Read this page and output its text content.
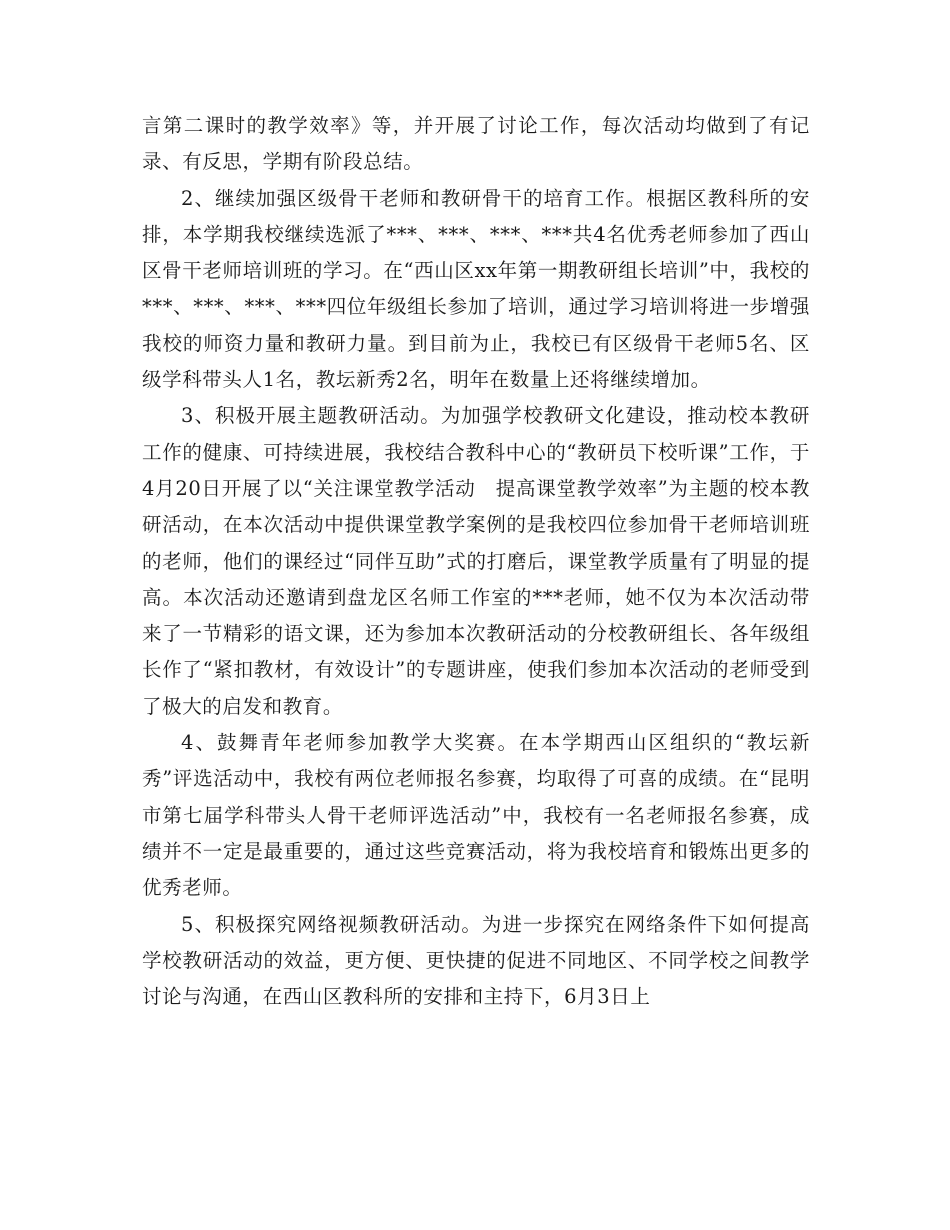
言第二课时的教学效率》等，并开展了讨论工作，每次活动均做到了有记录、有反思，学期有阶段总结。

2、继续加强区级骨干老师和教研骨干的培育工作。根据区教科所的安排，本学期我校继续选派了***、***、***、***共4名优秀老师参加了西山区骨干老师培训班的学习。在“西山区xx年第一期教研组长培训”中，我校的***、***、***、***四位年级组长参加了培训，通过学习培训将进一步增强我校的师资力量和教研力量。到目前为止，我校已有区级骨干老师5名、区级学科带头人1名，教坛新秀2名，明年在数量上还将继续增加。

3、积极开展主题教研活动。为加强学校教研文化建设，推动校本教研工作的健康、可持续进展，我校结合教科中心的“教研员下校听课”工作，于4月20日开展了以“关注课堂教学活动　提高课堂教学效率”为主题的校本教研活动，在本次活动中提供课堂教学案例的是我校四位参加骨干老师培训班的老师，他们的课经过“同伴互助”式的打磨后，课堂教学质量有了明显的提高。本次活动还邀请到盘龙区名师工作室的***老师，她不仅为本次活动带来了一节精彩的语文课，还为参加本次教研活动的分校教研组长、各年级组长作了“紧扣教材，有效设计”的专题讲座，使我们参加本次活动的老师受到了极大的启发和教育。

4、鼓舞青年老师参加教学大奖赛。在本学期西山区组织的“教坛新秀”评选活动中，我校有两位老师报名参赛，均取得了可喜的成绩。在“昆明市第七届学科带头人骨干老师评选活动”中，我校有一名老师报名参赛，成绩并不一定是最重要的，通过这些竞赛活动，将为我校培育和锻炼出更多的优秀老师。

5、积极探究网络视频教研活动。为进一步探究在网络条件下如何提高学校教研活动的效益，更方便、更快捷的促进不同地区、不同学校之间教学讨论与沟通，在西山区教科所的安排和主持下，6月3日上
